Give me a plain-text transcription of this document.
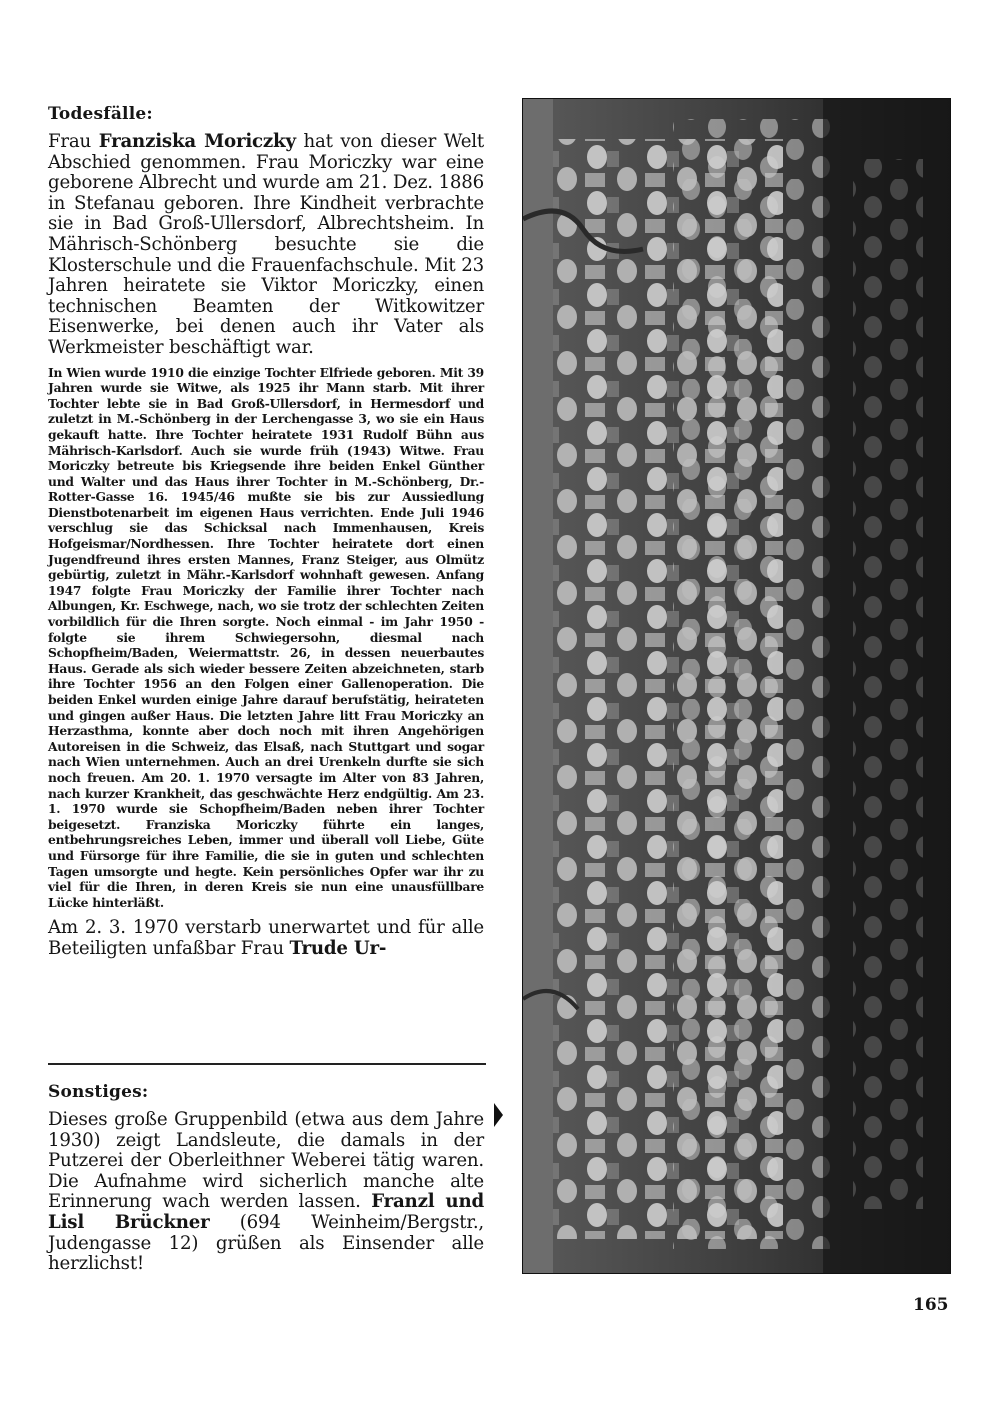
Todesfälle:

Frau Franziska Moriczky hat von dieser Welt Abschied genommen. Frau Moriczky war eine geborene Albrecht und wurde am 21. Dez. 1886 in Stefanau geboren. Ihre Kindheit verbrachte sie in Bad Groß-Ullersdorf, Albrechtsheim. In Mährisch-Schönberg besuchte sie die Klosterschule und die Frauenfachschule. Mit 23 Jahren heiratete sie Viktor Moriczky, einen technischen Beamten der Witkowitzer Eisenwerke, bei denen auch ihr Vater als Werkmeister beschäftigt war.

In Wien wurde 1910 die einzige Tochter Elfriede geboren. Mit 39 Jahren wurde sie Witwe, als 1925 ihr Mann starb. Mit ihrer Tochter lebte sie in Bad Groß-Ullersdorf, in Hermesdorf und zuletzt in M.-Schönberg in der Lerchengasse 3, wo sie ein Haus gekauft hatte. Ihre Tochter heiratete 1931 Rudolf Bühn aus Mährisch-Karlsdorf. Auch sie wurde früh (1943) Witwe. Frau Moriczky betreute bis Kriegsende ihre beiden Enkel Günther und Walter und das Haus ihrer Tochter in M.-Schönberg, Dr.-Rotter-Gasse 16. 1945/46 mußte sie bis zur Aussiedlung Dienstbotenarbeit im eigenen Haus verrichten. Ende Juli 1946 verschlug sie das Schicksal nach Immenhausen, Kreis Hofgeismar/Nordhessen. Ihre Tochter heiratete dort einen Jugendfreund ihres ersten Mannes, Franz Steiger, aus Olmütz gebürtig, zuletzt in Mähr.-Karlsdorf wohnhaft gewesen. Anfang 1947 folgte Frau Moriczky der Familie ihrer Tochter nach Albungen, Kr. Eschwege, nach, wo sie trotz der schlechten Zeiten vorbildlich für die Ihren sorgte. Noch einmal - im Jahr 1950 - folgte sie ihrem Schwiegersohn, diesmal nach Schopfheim/Baden, Weiermattstr. 26, in dessen neuerbautes Haus. Gerade als sich wieder bessere Zeiten abzeichneten, starb ihre Tochter 1956 an den Folgen einer Gallenoperation. Die beiden Enkel wurden einige Jahre darauf berufstätig, heirateten und gingen außer Haus. Die letzten Jahre litt Frau Moriczky an Herzasthma, konnte aber doch noch mit ihren Angehörigen Autoreisen in die Schweiz, das Elsaß, nach Stuttgart und sogar nach Wien unternehmen. Auch an drei Urenkeln durfte sie sich noch freuen. Am 20. 1. 1970 versagte im Alter von 83 Jahren, nach kurzer Krankheit, das geschwächte Herz endgültig. Am 23. 1. 1970 wurde sie Schopfheim/Baden neben ihrer Tochter beigesetzt. Franziska Moriczky führte ein langes, entbehrungsreiches Leben, immer und überall voll Liebe, Güte und Fürsorge für ihre Familie, die sie in guten und schlechten Tagen umsorgte und hegte. Kein persönliches Opfer war ihr zu viel für die Ihren, in deren Kreis sie nun eine unausfüllbare Lücke hinterläßt.

Am 2. 3. 1970 verstarb unerwartet und für alle Beteiligten unfaßbar Frau Trude Ur-

Sonstiges:

Dieses große Gruppenbild (etwa aus dem Jahre 1930) zeigt Landsleute, die damals in der Putzerei der Oberleithner Weberei tätig waren. Die Aufnahme wird sicherlich manche alte Erinnerung wach werden lassen. Franzl und Lisl Brückner (694 Weinheim/Bergstr., Judengasse 12) grüßen als Einsender alle herzlichst!

165
